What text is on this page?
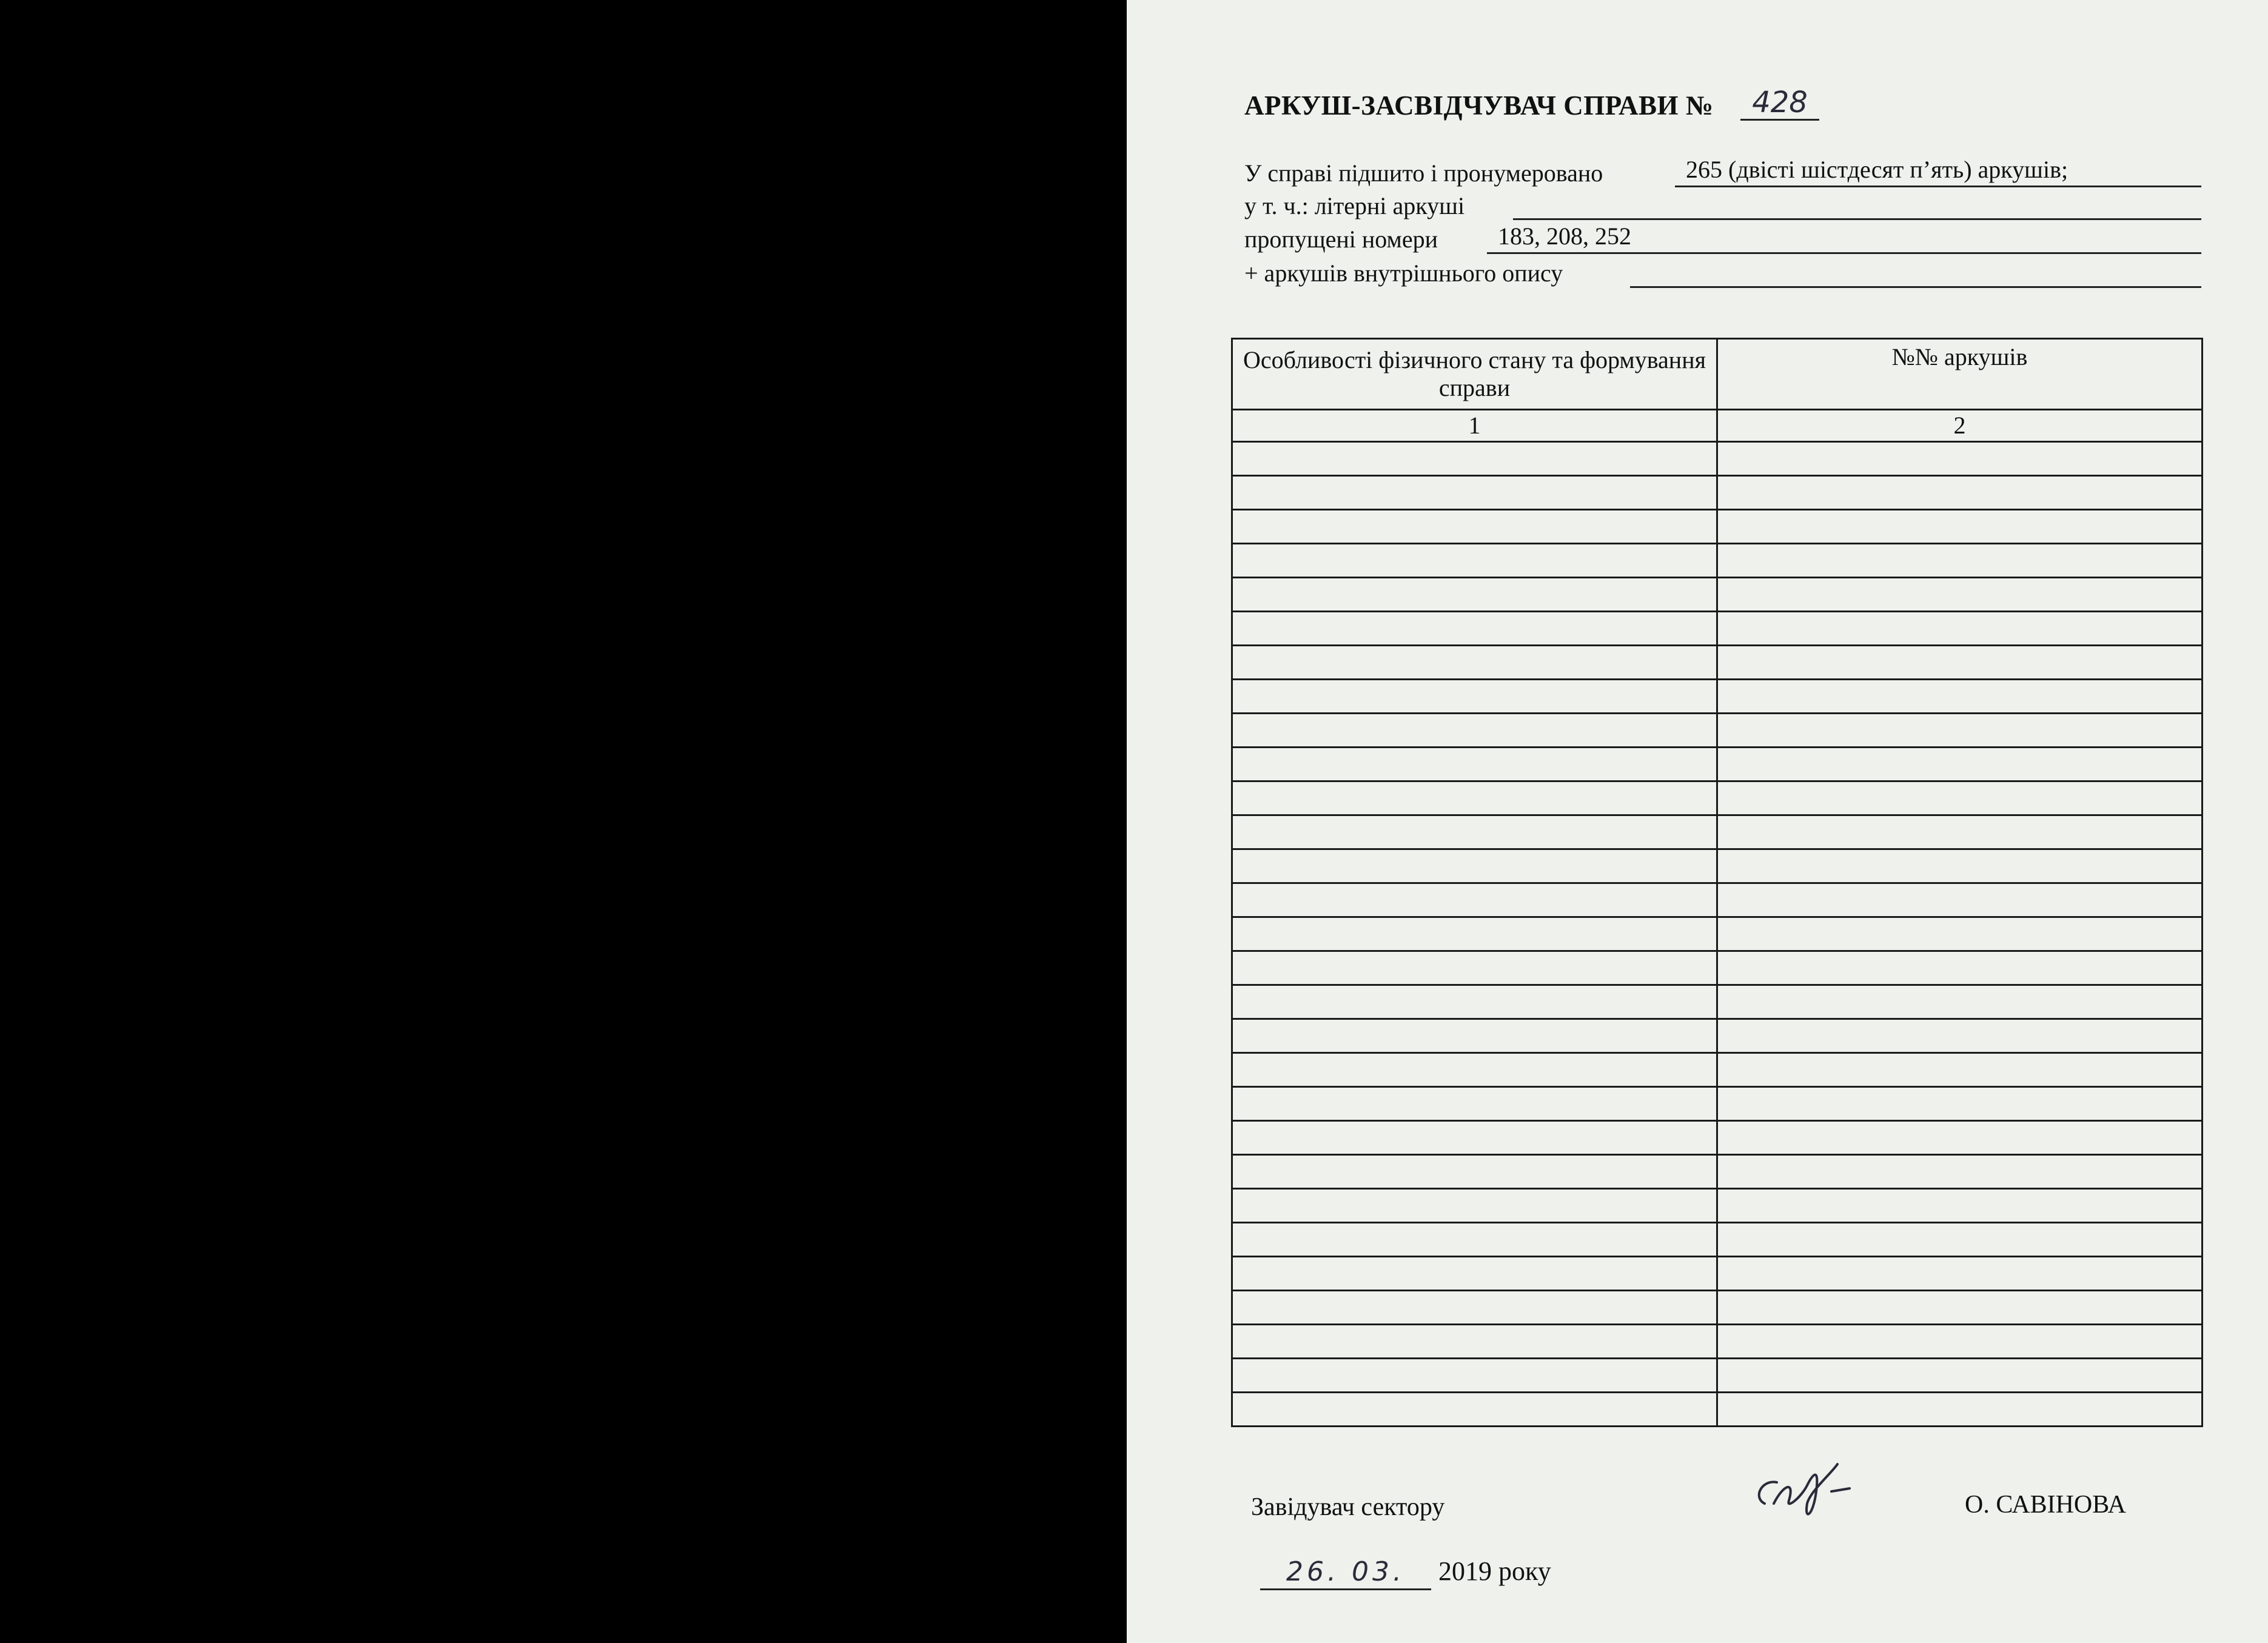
АРКУШ-ЗАСВІДЧУВАЧ СПРАВИ №	428
У справі підшито і пронумеровано	265 (двісті шістдесят п’ять) аркушів;
у т. ч.: літерні аркуші
пропущені номери	183, 208, 252
+ аркушів внутрішнього опису
Особливості фізичного стану та формування справи	№№ аркушів
1	2

Завідувач сектору	О. САВІНОВА
26. 03.	2019 року
